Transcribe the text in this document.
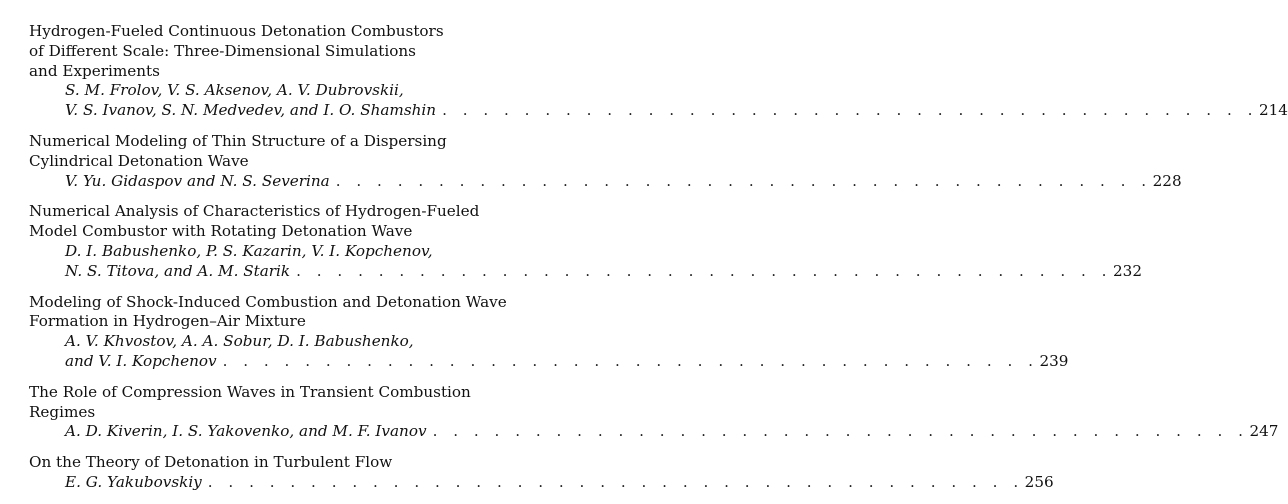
Hydrogen-Fueled Continuous Detonation Combustors
of Different Scale: Three-Dimensional Simulations
and Experiments
S. M. Frolov, V. S. Aksenov, A. V. Dubrovskii,
V. S. Ivanov, S. N. Medvedev, and I. O. Shamshin . . . . . . . . . . . . . . . . . . . . . . . . . . . . . . . . . . . . . . . . 214
Numerical Modeling of Thin Structure of a Dispersing
Cylindrical Detonation Wave
V. Yu. Gidaspov and N. S. Severina . . . . . . . . . . . . . . . . . . . . . . . . . . . . . . . . . . . . . . . . 228
Numerical Analysis of Characteristics of Hydrogen-Fueled
Model Combustor with Rotating Detonation Wave
D. I. Babushenko, P. S. Kazarin, V. I. Kopchenov,
N. S. Titova, and A. M. Starik . . . . . . . . . . . . . . . . . . . . . . . . . . . . . . . . . . . . . . . . 232
Modeling of Shock-Induced Combustion and Detonation Wave
Formation in Hydrogen–Air Mixture
A. V. Khvostov, A. A. Sobur, D. I. Babushenko,
and V. I. Kopchenov . . . . . . . . . . . . . . . . . . . . . . . . . . . . . . . . . . . . . . . . 239
The Role of Compression Waves in Transient Combustion
Regimes
A. D. Kiverin, I. S. Yakovenko, and M. F. Ivanov . . . . . . . . . . . . . . . . . . . . . . . . . . . . . . . . . . . . . . . . 247
On the Theory of Detonation in Turbulent Flow
E. G. Yakubovskiy . . . . . . . . . . . . . . . . . . . . . . . . . . . . . . . . . . . . . . . . 256
